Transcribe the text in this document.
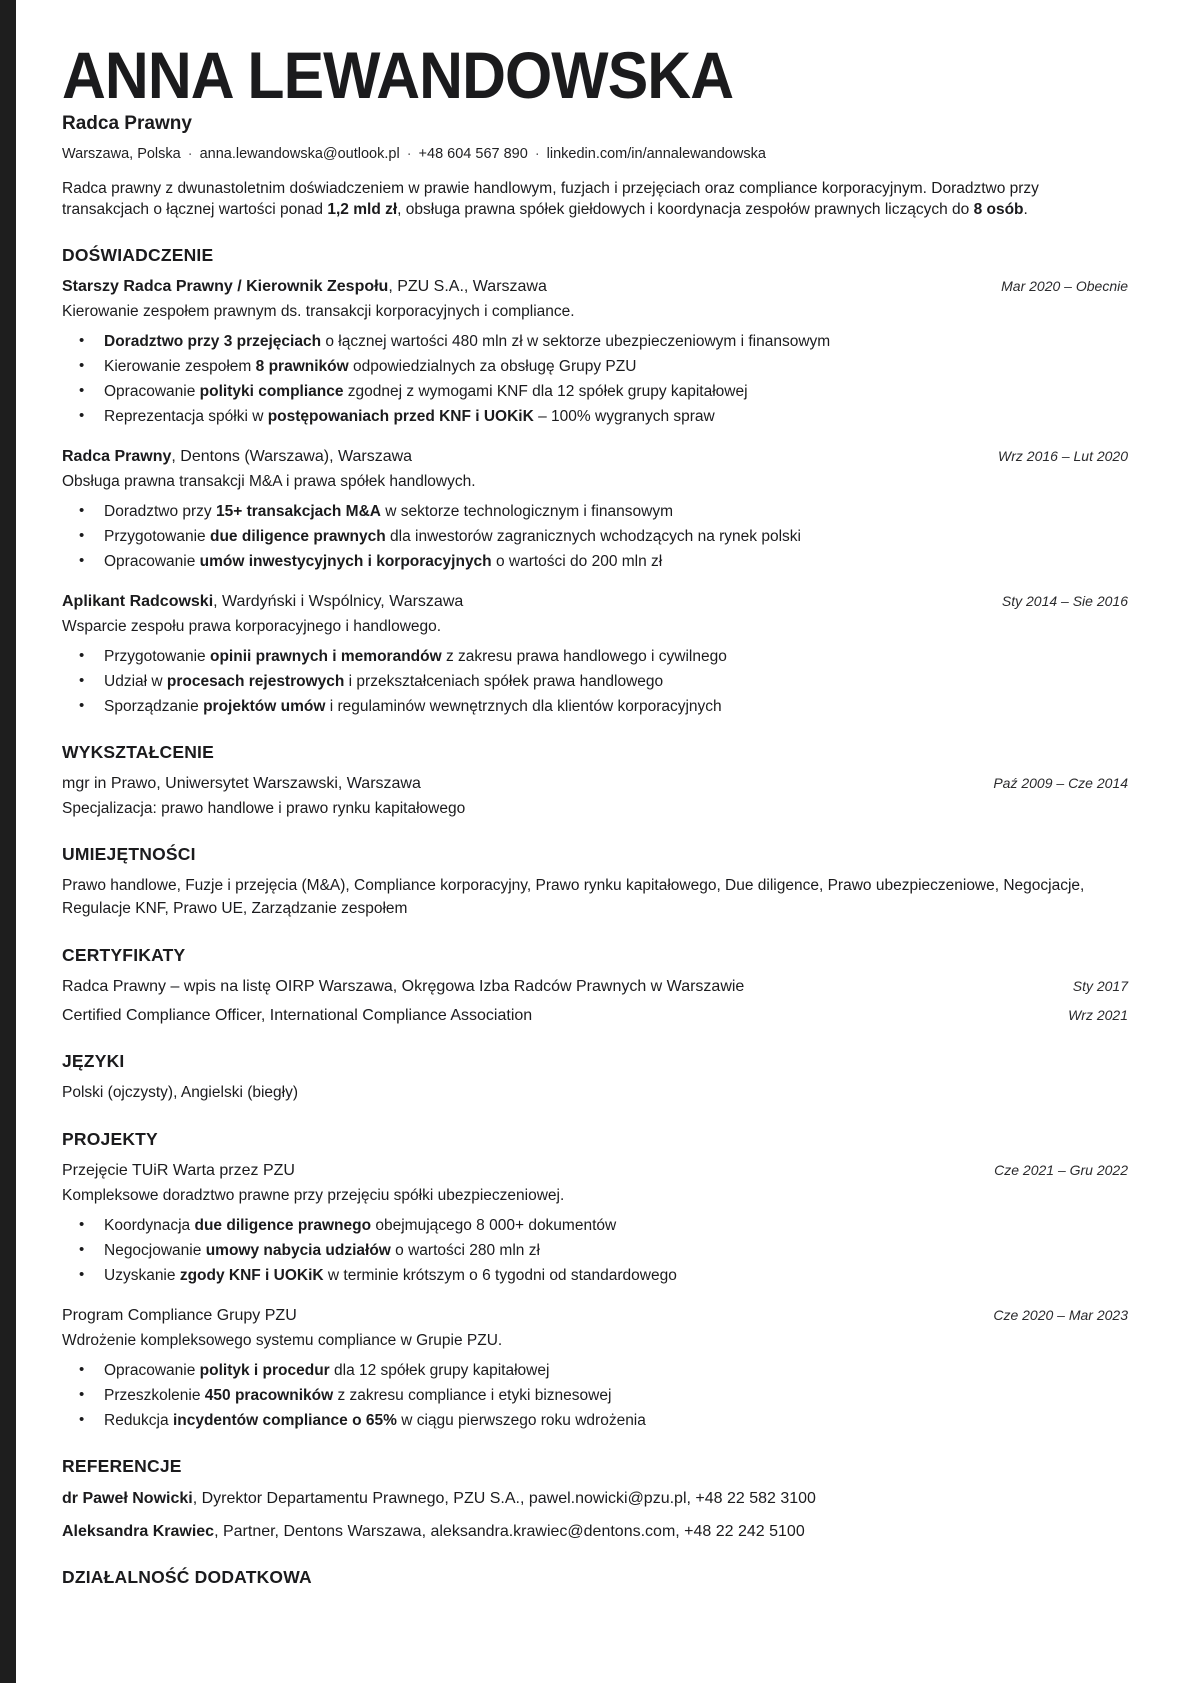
ANNA LEWANDOWSKA
Radca Prawny
Warszawa, Polska · anna.lewandowska@outlook.pl · +48 604 567 890 · linkedin.com/in/annalewandowska

Radca prawny z dwunastoletnim doświadczeniem w prawie handlowym, fuzjach i przejęciach oraz compliance korporacyjnym. Doradztwo przy transakcjach o łącznej wartości ponad 1,2 mld zł, obsługa prawna spółek giełdowych i koordynacja zespołów prawnych liczących do 8 osób.

DOŚWIADCZENIE
Starszy Radca Prawny / Kierownik Zespołu, PZU S.A., Warszawa	Mar 2020 – Obecnie

Kierowanie zespołem prawnym ds. transakcji korporacyjnych i compliance.

• Doradztwo przy 3 przejęciach o łącznej wartości 480 mln zł w sektorze ubezpieczeniowym i finansowym
• Kierowanie zespołem 8 prawników odpowiedzialnych za obsługę Grupy PZU
• Opracowanie polityki compliance zgodnej z wymogami KNF dla 12 spółek grupy kapitałowej
• Reprezentacja spółki w postępowaniach przed KNF i UOKiK – 100% wygranych spraw
Radca Prawny, Dentons (Warszawa), Warszawa	Wrz 2016 – Lut 2020

Obsługa prawna transakcji M&A i prawa spółek handlowych.

• Doradztwo przy 15+ transakcjach M&A w sektorze technologicznym i finansowym
• Przygotowanie due diligence prawnych dla inwestorów zagranicznych wchodzących na rynek polski
• Opracowanie umów inwestycyjnych i korporacyjnych o wartości do 200 mln zł
Aplikant Radcowski, Wardyński i Wspólnicy, Warszawa	Sty 2014 – Sie 2016

Wsparcie zespołu prawa korporacyjnego i handlowego.

• Przygotowanie opinii prawnych i memorandów z zakresu prawa handlowego i cywilnego
• Udział w procesach rejestrowych i przekształceniach spółek prawa handlowego
• Sporządzanie projektów umów i regulaminów wewnętrznych dla klientów korporacyjnych
WYKSZTAŁCENIE
mgr in Prawo, Uniwersytet Warszawski, Warszawa	Paź 2009 – Cze 2014

Specjalizacja: prawo handlowe i prawo rynku kapitałowego

UMIEJĘTNOŚCI

Prawo handlowe, Fuzje i przejęcia (M&A), Compliance korporacyjny, Prawo rynku kapitałowego, Due diligence, Prawo ubezpieczeniowe, Negocjacje, Regulacje KNF, Prawo UE, Zarządzanie zespołem

CERTYFIKATY
Radca Prawny – wpis na listę OIRP Warszawa, Okręgowa Izba Radców Prawnych w Warszawie	Sty 2017
Certified Compliance Officer, International Compliance Association	Wrz 2021
JĘZYKI

Polski (ojczysty), Angielski (biegły)

PROJEKTY
Przejęcie TUiR Warta przez PZU	Cze 2021 – Gru 2022

Kompleksowe doradztwo prawne przy przejęciu spółki ubezpieczeniowej.

• Koordynacja due diligence prawnego obejmującego 8 000+ dokumentów
• Negocjowanie umowy nabycia udziałów o wartości 280 mln zł
• Uzyskanie zgody KNF i UOKiK w terminie krótszym o 6 tygodni od standardowego
Program Compliance Grupy PZU	Cze 2020 – Mar 2023

Wdrożenie kompleksowego systemu compliance w Grupie PZU.

• Opracowanie polityk i procedur dla 12 spółek grupy kapitałowej
• Przeszkolenie 450 pracowników z zakresu compliance i etyki biznesowej
• Redukcja incydentów compliance o 65% w ciągu pierwszego roku wdrożenia
REFERENCJE
dr Paweł Nowicki, Dyrektor Departamentu Prawnego, PZU S.A., pawel.nowicki@pzu.pl, +48 22 582 3100
Aleksandra Krawiec, Partner, Dentons Warszawa, aleksandra.krawiec@dentons.com, +48 22 242 5100
DZIAŁALNOŚĆ DODATKOWA
